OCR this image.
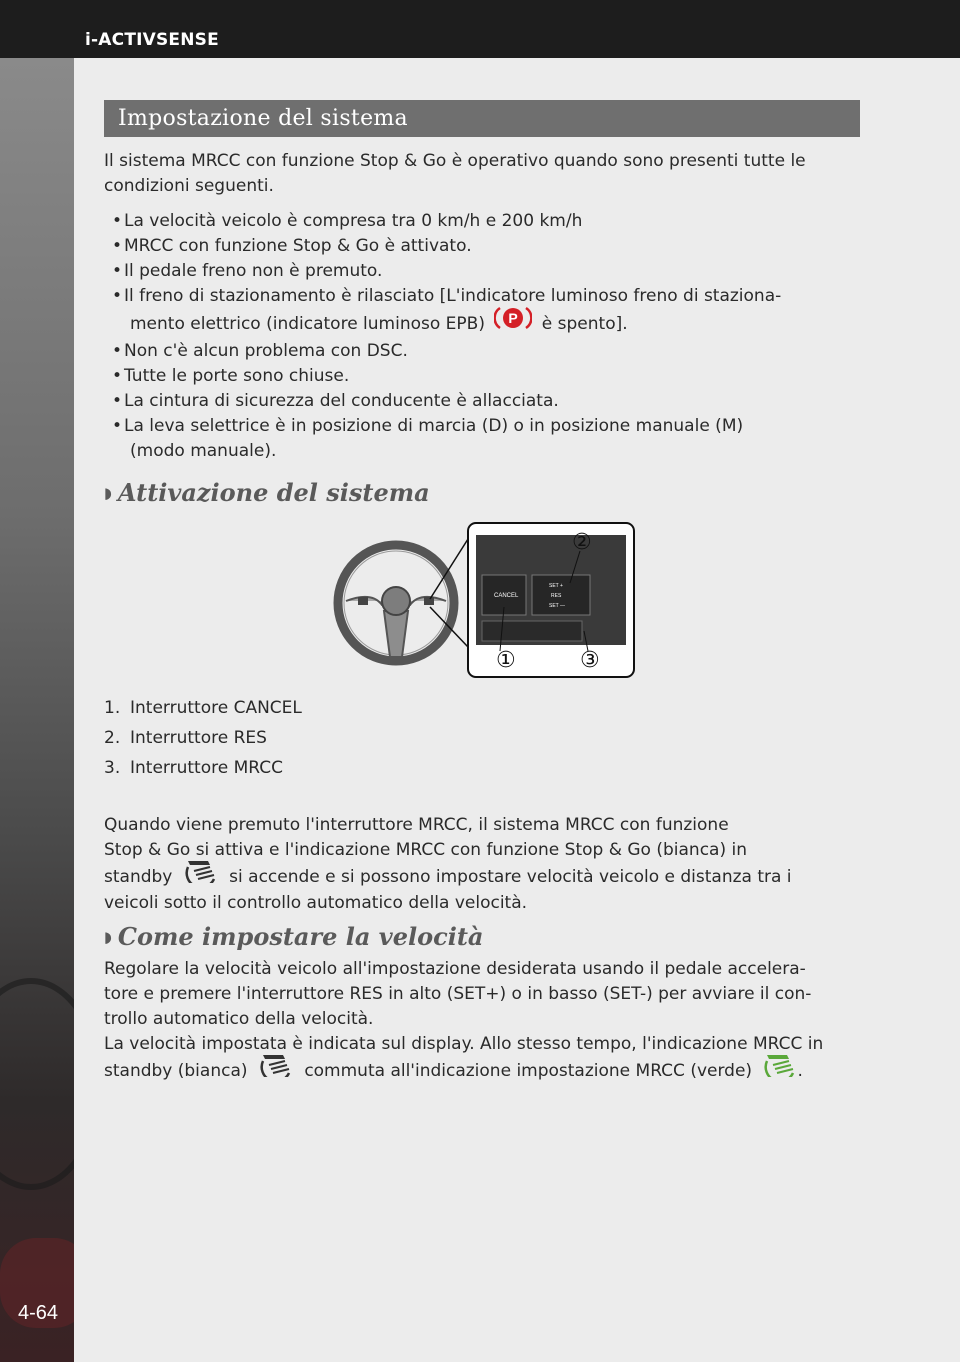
i-ACTIVSENSE
4-64
Impostazione del sistema

Il sistema MRCC con funzione Stop & Go è operativo quando sono presenti tutte le condizioni seguenti.

• La velocità veicolo è compresa tra 0 km/h e 200 km/h
• MRCC con funzione Stop & Go è attivato.
• Il pedale freno non è premuto.
• Il freno di stazionamento è rilasciato [L'indicatore luminoso freno di staziona-
mento elettrico (indicatore luminoso EPB) P è spento].
• Non c'è alcun problema con DSC.
• Tutte le porte sono chiuse.
• La cintura di sicurezza del conducente è allacciata.
• La leva selettrice è in posizione di marcia (D) o in posizione manuale (M)
(modo manuale).
◗ Attivazione del sistema
CANCEL
SET +
RES
SET —
①
②
③
1. Interruttore CANCEL
2. Interruttore RES
3. Interruttore MRCC

Quando viene premuto l'interruttore MRCC, il sistema MRCC con funzione
Stop & Go si attiva e l'indicazione MRCC con funzione Stop & Go (bianca) in
standby	si accende e si possono impostare velocità veicolo e distanza tra i
veicoli sotto il controllo automatico della velocità.

◗ Come impostare la velocità

Regolare la velocità veicolo all'impostazione desiderata usando il pedale accelera-
tore e premere l'interruttore RES in alto (SET+) o in basso (SET-) per avviare il con-
trollo automatico della velocità.
La velocità impostata è indicata sul display. Allo stesso tempo, l'indicazione MRCC in
standby (bianca)	commuta all'indicazione impostazione MRCC (verde)	.
